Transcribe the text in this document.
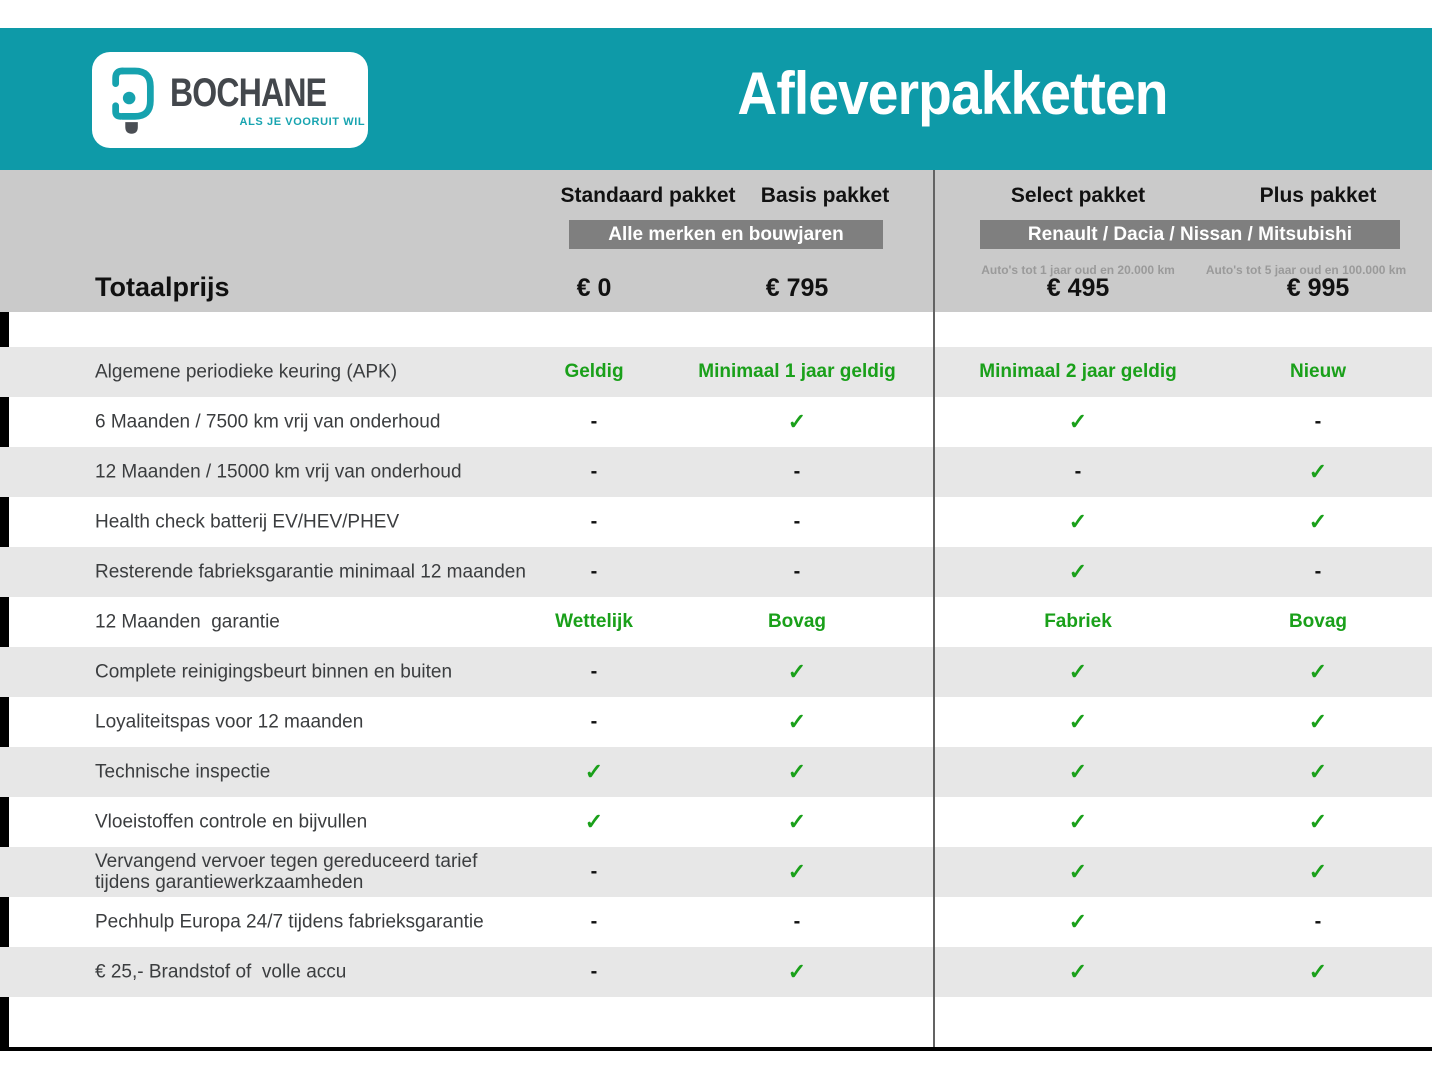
BOCHANE
ALS JE VOORUIT WIL	Afleverpakketten
Standaard pakket Basis pakket	Select pakket	Plus pakket
Alle merken en bouwjaren	Renault / Dacia / Nissan / Mitsubishi
Auto's tot 1 jaar oud en 20.000 km	Auto's tot 5 jaar oud en 100.000 km
Totaalprijs	€ 0	€ 795	€ 495	€ 995
Algemene periodieke keuring (APK)	Geldig	Minimaal 1 jaar geldig	Minimaal 2 jaar geldig	Nieuw
6 Maanden / 7500 km vrij van onderhoud	-	✓	✓	-
12 Maanden / 15000 km vrij van onderhoud	-	-	-	✓
Health check batterij EV/HEV/PHEV	-	-	✓	✓
Resterende fabrieksgarantie minimaal 12 maanden	-	-	✓	-
12 Maanden  garantie	Wettelijk	Bovag	Fabriek	Bovag
Complete reinigingsbeurt binnen en buiten	-	✓	✓	✓
Loyaliteitspas voor 12 maanden	-	✓	✓	✓
Technische inspectie	✓	✓	✓	✓
Vloeistoffen controle en bijvullen	✓	✓	✓	✓
Vervangend vervoer tegen gereduceerd tarief tijdens garantiewerkzaamheden	-	✓	✓	✓
Pechhulp Europa 24/7 tijdens fabrieksgarantie	-	-	✓	-
€ 25,- Brandstof of  volle accu	-	✓	✓	✓
